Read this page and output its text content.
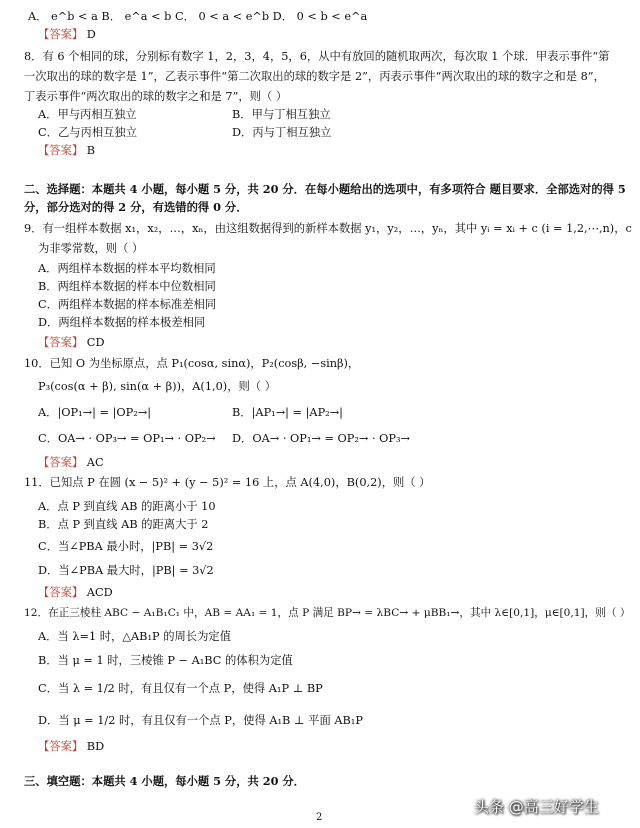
A． e^b < a B． e^a < b C． 0 < a < e^b D． 0 < b < e^a
【答案】 D
8．有 6 个相同的球，分别标有数字 1，2，3，4，5，6，从中有放回的随机取两次，每次取 1 个球．甲表示事件“第
一次取出的球的数字是 1”，乙表示事件“第二次取出的球的数字是 2”，丙表示事件“两次取出的球的数字之和是 8”，
丁表示事件“两次取出的球的数字之和是 7”，则（ ）
A．甲与丙相互独立	B．甲与丁相互独立
C．乙与丙相互独立	D．丙与丁相互独立
【答案】 B
二、选择题：本题共 4 小题，每小题 5 分，共 20 分．在每小题给出的选项中，有多项符合 题目要求．全部选对的得 5
分，部分选对的得 2 分，有选错的得 0 分．
9．有一组样本数据 x₁，x₂，…，xₙ，由这组数据得到的新样本数据 y₁，y₂，…，yₙ，其中 yᵢ = xᵢ + c (i = 1,2,⋯,n)，c
为非零常数，则（ ）
A．两组样本数据的样本平均数相同
B．两组样本数据的样本中位数相同
C．两组样本数据的样本标准差相同
D．两组样本数据的样本极差相同
【答案】 CD
10．已知 O 为坐标原点，点 P₁(cosα, sinα)，P₂(cosβ, −sinβ)，
P₃(cos(α + β), sin(α + β))，A(1,0)，则（ ）
A．|OP₁→| = |OP₂→|	B．|AP₁→| = |AP₂→|
C．OA→ · OP₃→ = OP₁→ · OP₂→ D．OA→ · OP₁→ = OP₂→ · OP₃→
【答案】 AC
11．已知点 P 在圆 (x − 5)² + (y − 5)² = 16 上，点 A(4,0)，B(0,2)，则（ ）
A．点 P 到直线 AB 的距离小于 10
B．点 P 到直线 AB 的距离大于 2
C．当∠PBA 最小时，|PB| = 3√2
D．当∠PBA 最大时，|PB| = 3√2
【答案】 ACD
12．在正三棱柱 ABC − A₁B₁C₁ 中，AB = AA₁ = 1，点 P 满足 BP→ = λBC→ + μBB₁→，其中 λ∈[0,1]，μ∈[0,1]，则（ ）
A．当 λ=1 时，△AB₁P 的周长为定值
B．当 μ = 1 时，三棱锥 P − A₁BC 的体积为定值
C．当 λ = 1/2 时，有且仅有一个点 P，使得 A₁P ⊥ BP
D．当 μ = 1/2 时，有且仅有一个点 P，使得 A₁B ⊥ 平面 AB₁P
【答案】 BD
三、填空题：本题共 4 小题，每小题 5 分，共 20 分．
2
头条 @高三好学生
